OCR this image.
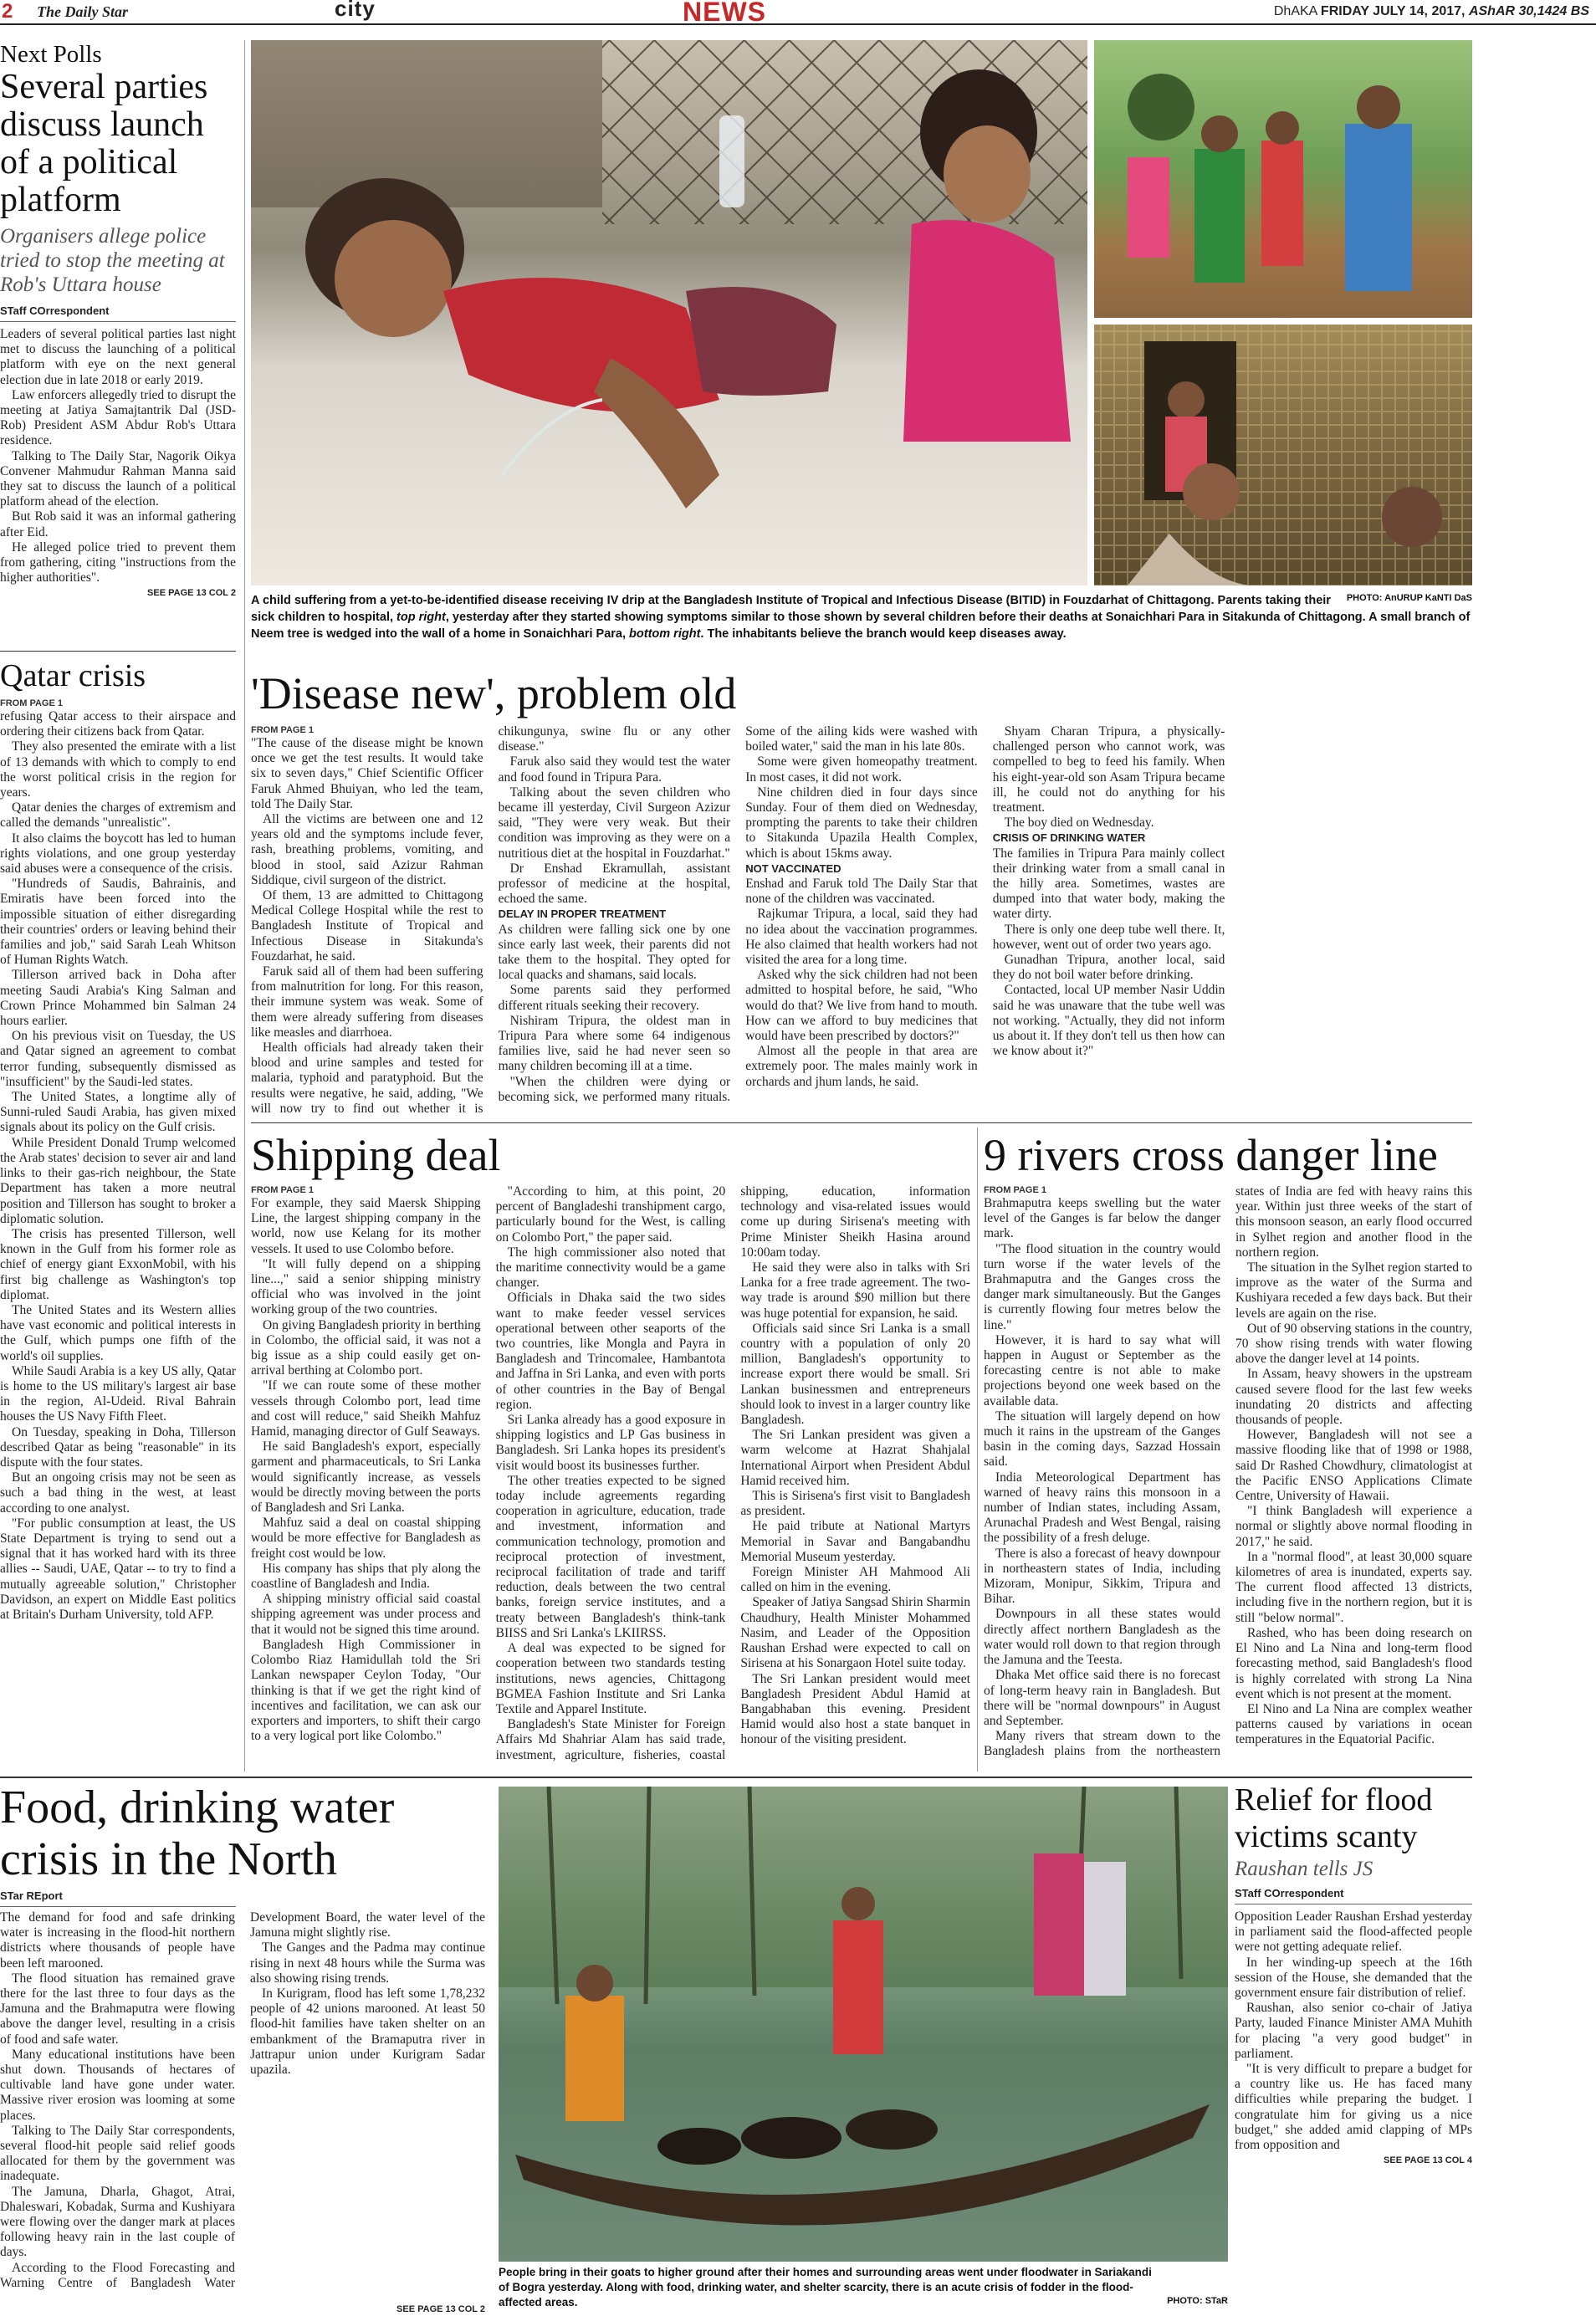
2 The Daily Star	city	NEWS	DhAKA FRIDAY JULY 14, 2017, AShAR 30,1424 BS
Next Polls
Several parties discuss launch of a political platform
Organisers allege police tried to stop the meeting at Rob's Uttara house
STaff COrrespondent

Leaders of several political parties last night met to discuss the launching of a political platform with eye on the next general election due in late 2018 or early 2019.

Law enforcers allegedly tried to disrupt the meeting at Jatiya Samajtantrik Dal (JSD-Rob) President ASM Abdur Rob's Uttara residence.

Talking to The Daily Star, Nagorik Oikya Convener Mahmudur Rahman Manna said they sat to discuss the launch of a political platform ahead of the election.

But Rob said it was an informal gathering after Eid.

He alleged police tried to prevent them from gathering, citing "instructions from the higher authorities".

SEE PAGE 13 COL 2
Qatar crisis
FROM PAGE 1

refusing Qatar access to their airspace and ordering their citizens back from Qatar.

They also presented the emirate with a list of 13 demands with which to comply to end the worst political crisis in the region for years.

Qatar denies the charges of extremism and called the demands "unrealistic".

It also claims the boycott has led to human rights violations, and one group yesterday said abuses were a consequence of the crisis.

"Hundreds of Saudis, Bahrainis, and Emiratis have been forced into the impossible situation of either disregarding their countries' orders or leaving behind their families and job," said Sarah Leah Whitson of Human Rights Watch.

Tillerson arrived back in Doha after meeting Saudi Arabia's King Salman and Crown Prince Mohammed bin Salman 24 hours earlier.

On his previous visit on Tuesday, the US and Qatar signed an agreement to combat terror funding, subsequently dismissed as "insufficient" by the Saudi-led states.

The United States, a longtime ally of Sunni-ruled Saudi Arabia, has given mixed signals about its policy on the Gulf crisis.

While President Donald Trump welcomed the Arab states' decision to sever air and land links to their gas-rich neighbour, the State Department has taken a more neutral position and Tillerson has sought to broker a diplomatic solution.

The crisis has presented Tillerson, well known in the Gulf from his former role as chief of energy giant ExxonMobil, with his first big challenge as Washington's top diplomat.

The United States and its Western allies have vast economic and political interests in the Gulf, which pumps one fifth of the world's oil supplies.

While Saudi Arabia is a key US ally, Qatar is home to the US military's largest air base in the region, Al-Udeid. Rival Bahrain houses the US Navy Fifth Fleet.

On Tuesday, speaking in Doha, Tillerson described Qatar as being "reasonable" in its dispute with the four states.

But an ongoing crisis may not be seen as such a bad thing in the west, at least according to one analyst.

"For public consumption at least, the US State Department is trying to send out a signal that it has worked hard with its three allies -- Saudi, UAE, Qatar -- to try to find a mutually agreeable solution," Christopher Davidson, an expert on Middle East politics at Britain's Durham University, told AFP.

PHOTO: AnURUP KaNTI DaS
A child suffering from a yet-to-be-identified disease receiving IV drip at the Bangladesh Institute of Tropical and Infectious Disease (BITID) in Fouzdarhat of Chittagong. Parents taking their sick children to hospital, top right, yesterday after they started showing symptoms similar to those shown by several children before their deaths at Sonaichhari Para in Sitakunda of Chittagong. A small branch of Neem tree is wedged into the wall of a home in Sonaichhari Para, bottom right. The inhabitants believe the branch would keep diseases away.
'Disease new', problem old
FROM PAGE 1

"The cause of the disease might be known once we get the test results. It would take six to seven days," Chief Scientific Officer Faruk Ahmed Bhuiyan, who led the team, told The Daily Star.

All the victims are between one and 12 years old and the symptoms include fever, rash, breathing problems, vomiting, and blood in stool, said Azizur Rahman Siddique, civil surgeon of the district.

Of them, 13 are admitted to Chittagong Medical College Hospital while the rest to Bangladesh Institute of Tropical and Infectious Disease in Sitakunda's Fouzdarhat, he said.

Faruk said all of them had been suffering from malnutrition for long. For this reason, their immune system was weak. Some of them were already suffering from diseases like measles and diarrhoea.

Health officials had already taken their blood and urine samples and tested for malaria, typhoid and paratyphoid. But the results were negative, he said, adding, "We will now try to find out whether it is chikungunya, swine flu or any other disease."

Faruk also said they would test the water and food found in Tripura Para.

Talking about the seven children who became ill yesterday, Civil Surgeon Azizur said, "They were very weak. But their condition was improving as they were on a nutritious diet at the hospital in Fouzdarhat."

Dr Enshad Ekramullah, assistant professor of medicine at the hospital, echoed the same.

DELAY IN PROPER TREATMENT

As children were falling sick one by one since early last week, their parents did not take them to the hospital. They opted for local quacks and shamans, said locals.

Some parents said they performed different rituals seeking their recovery.

Nishiram Tripura, the oldest man in Tripura Para where some 64 indigenous families live, said he had never seen so many children becoming ill at a time.

"When the children were dying or becoming sick, we performed many rituals. Some of the ailing kids were washed with boiled water," said the man in his late 80s.

Some were given homeopathy treatment. In most cases, it did not work.

Nine children died in four days since Sunday. Four of them died on Wednesday, prompting the parents to take their children to Sitakunda Upazila Health Complex, which is about 15kms away.

NOT VACCINATED

Enshad and Faruk told The Daily Star that none of the children was vaccinated.

Rajkumar Tripura, a local, said they had no idea about the vaccination programmes. He also claimed that health workers had not visited the area for a long time.

Asked why the sick children had not been admitted to hospital before, he said, "Who would do that? We live from hand to mouth. How can we afford to buy medicines that would have been prescribed by doctors?"

Almost all the people in that area are extremely poor. The males mainly work in orchards and jhum lands, he said.

Shyam Charan Tripura, a physically-challenged person who cannot work, was compelled to beg to feed his family. When his eight-year-old son Asam Tripura became ill, he could not do anything for his treatment.

The boy died on Wednesday.

CRISIS OF DRINKING WATER

The families in Tripura Para mainly collect their drinking water from a small canal in the hilly area. Sometimes, wastes are dumped into that water body, making the water dirty.

There is only one deep tube well there. It, however, went out of order two years ago.

Gunadhan Tripura, another local, said they do not boil water before drinking.

Contacted, local UP member Nasir Uddin said he was unaware that the tube well was not working. "Actually, they did not inform us about it. If they don't tell us then how can we know about it?"

Shipping deal
FROM PAGE 1

For example, they said Maersk Shipping Line, the largest shipping company in the world, now use Kelang for its mother vessels. It used to use Colombo before.

"It will fully depend on a shipping line...," said a senior shipping ministry official who was involved in the joint working group of the two countries.

On giving Bangladesh priority in berthing in Colombo, the official said, it was not a big issue as a ship could easily get on-arrival berthing at Colombo port.

"If we can route some of these mother vessels through Colombo port, lead time and cost will reduce," said Sheikh Mahfuz Hamid, managing director of Gulf Seaways.

He said Bangladesh's export, especially garment and pharmaceuticals, to Sri Lanka would significantly increase, as vessels would be directly moving between the ports of Bangladesh and Sri Lanka.

Mahfuz said a deal on coastal shipping would be more effective for Bangladesh as freight cost would be low.

His company has ships that ply along the coastline of Bangladesh and India.

A shipping ministry official said coastal shipping agreement was under process and that it would not be signed this time around.

Bangladesh High Commissioner in Colombo Riaz Hamidullah told the Sri Lankan newspaper Ceylon Today, "Our thinking is that if we get the right kind of incentives and facilitation, we can ask our exporters and importers, to shift their cargo to a very logical port like Colombo."

"According to him, at this point, 20 percent of Bangladeshi transhipment cargo, particularly bound for the West, is calling on Colombo Port," the paper said.

The high commissioner also noted that the maritime connectivity would be a game changer.

Officials in Dhaka said the two sides want to make feeder vessel services operational between other seaports of the two countries, like Mongla and Payra in Bangladesh and Trincomalee, Hambantota and Jaffna in Sri Lanka, and even with ports of other countries in the Bay of Bengal region.

Sri Lanka already has a good exposure in shipping logistics and LP Gas business in Bangladesh. Sri Lanka hopes its president's visit would boost its businesses further.

The other treaties expected to be signed today include agreements regarding cooperation in agriculture, education, trade and investment, information and communication technology, promotion and reciprocal protection of investment, reciprocal facilitation of trade and tariff reduction, deals between the two central banks, foreign service institutes, and a treaty between Bangladesh's think-tank BIISS and Sri Lanka's LKIIRSS.

A deal was expected to be signed for cooperation between two standards testing institutions, news agencies, Chittagong BGMEA Fashion Institute and Sri Lanka Textile and Apparel Institute.

Bangladesh's State Minister for Foreign Affairs Md Shahriar Alam has said trade, investment, agriculture, fisheries, coastal shipping, education, information technology and visa-related issues would come up during Sirisena's meeting with Prime Minister Sheikh Hasina around 10:00am today.

He said they were also in talks with Sri Lanka for a free trade agreement. The two-way trade is around $90 million but there was huge potential for expansion, he said.

Officials said since Sri Lanka is a small country with a population of only 20 million, Bangladesh's opportunity to increase export there would be small. Sri Lankan businessmen and entrepreneurs should look to invest in a larger country like Bangladesh.

The Sri Lankan president was given a warm welcome at Hazrat Shahjalal International Airport when President Abdul Hamid received him.

This is Sirisena's first visit to Bangladesh as president.

He paid tribute at National Martyrs Memorial in Savar and Bangabandhu Memorial Museum yesterday.

Foreign Minister AH Mahmood Ali called on him in the evening.

Speaker of Jatiya Sangsad Shirin Sharmin Chaudhury, Health Minister Mohammed Nasim, and Leader of the Opposition Raushan Ershad were expected to call on Sirisena at his Sonargaon Hotel suite today.

The Sri Lankan president would meet Bangladesh President Abdul Hamid at Bangabhaban this evening. President Hamid would also host a state banquet in honour of the visiting president.

9 rivers cross danger line
FROM PAGE 1

Brahmaputra keeps swelling but the water level of the Ganges is far below the danger mark.

"The flood situation in the country would turn worse if the water levels of the Brahmaputra and the Ganges cross the danger mark simultaneously. But the Ganges is currently flowing four metres below the line."

However, it is hard to say what will happen in August or September as the forecasting centre is not able to make projections beyond one week based on the available data.

The situation will largely depend on how much it rains in the upstream of the Ganges basin in the coming days, Sazzad Hossain said.

India Meteorological Department has warned of heavy rains this monsoon in a number of Indian states, including Assam, Arunachal Pradesh and West Bengal, raising the possibility of a fresh deluge.

There is also a forecast of heavy downpour in northeastern states of India, including Mizoram, Monipur, Sikkim, Tripura and Bihar.

Downpours in all these states would directly affect northern Bangladesh as the water would roll down to that region through the Jamuna and the Teesta.

Dhaka Met office said there is no forecast of long-term heavy rain in Bangladesh. But there will be "normal downpours" in August and September.

Many rivers that stream down to the Bangladesh plains from the northeastern states of India are fed with heavy rains this year. Within just three weeks of the start of this monsoon season, an early flood occurred in Sylhet region and another flood in the northern region.

The situation in the Sylhet region started to improve as the water of the Surma and Kushiyara receded a few days back. But their levels are again on the rise.

Out of 90 observing stations in the country, 70 show rising trends with water flowing above the danger level at 14 points.

In Assam, heavy showers in the upstream caused severe flood for the last few weeks inundating 20 districts and affecting thousands of people.

However, Bangladesh will not see a massive flooding like that of 1998 or 1988, said Dr Rashed Chowdhury, climatologist at the Pacific ENSO Applications Climate Centre, University of Hawaii.

"I think Bangladesh will experience a normal or slightly above normal flooding in 2017," he said.

In a "normal flood", at least 30,000 square kilometres of area is inundated, experts say. The current flood affected 13 districts, including five in the northern region, but it is still "below normal".

Rashed, who has been doing research on El Nino and La Nina and long-term flood forecasting method, said Bangladesh's flood is highly correlated with strong La Nina event which is not present at the moment.

El Nino and La Nina are complex weather patterns caused by variations in ocean temperatures in the Equatorial Pacific.

Food, drinking water crisis in the North
STar REport

The demand for food and safe drinking water is increasing in the flood-hit northern districts where thousands of people have been left marooned.

The flood situation has remained grave there for the last three to four days as the Jamuna and the Brahmaputra were flowing above the danger level, resulting in a crisis of food and safe water.

Many educational institutions have been shut down. Thousands of hectares of cultivable land have gone under water. Massive river erosion was looming at some places.

Talking to The Daily Star correspondents, several flood-hit people said relief goods allocated for them by the government was inadequate.

The Jamuna, Dharla, Ghagot, Atrai, Dhaleswari, Kobadak, Surma and Kushiyara were flowing over the danger mark at places following heavy rain in the last couple of days.

According to the Flood Forecasting and Warning Centre of Bangladesh Water Development Board, the water level of the Jamuna might slightly rise.

The Ganges and the Padma may continue rising in next 48 hours while the Surma was also showing rising trends.

In Kurigram, flood has left some 1,78,232 people of 42 unions marooned. At least 50 flood-hit families have taken shelter on an embankment of the Bramaputra river in Jattrapur union under Kurigram Sadar upazila.

SEE PAGE 13 COL 2
PHOTO: STaR
People bring in their goats to higher ground after their homes and surrounding areas went under floodwater in Sariakandi of Bogra yesterday. Along with food, drinking water, and shelter scarcity, there is an acute crisis of fodder in the flood-affected areas.
Relief for flood victims scanty
Raushan tells JS
STaff COrrespondent

Opposition Leader Raushan Ershad yesterday in parliament said the flood-affected people were not getting adequate relief.

In her winding-up speech at the 16th session of the House, she demanded that the government ensure fair distribution of relief.

Raushan, also senior co-chair of Jatiya Party, lauded Finance Minister AMA Muhith for placing "a very good budget" in parliament.

"It is very difficult to prepare a budget for a country like us. He has faced many difficulties while preparing the budget. I congratulate him for giving us a nice budget," she added amid clapping of MPs from opposition and

SEE PAGE 13 COL 4
